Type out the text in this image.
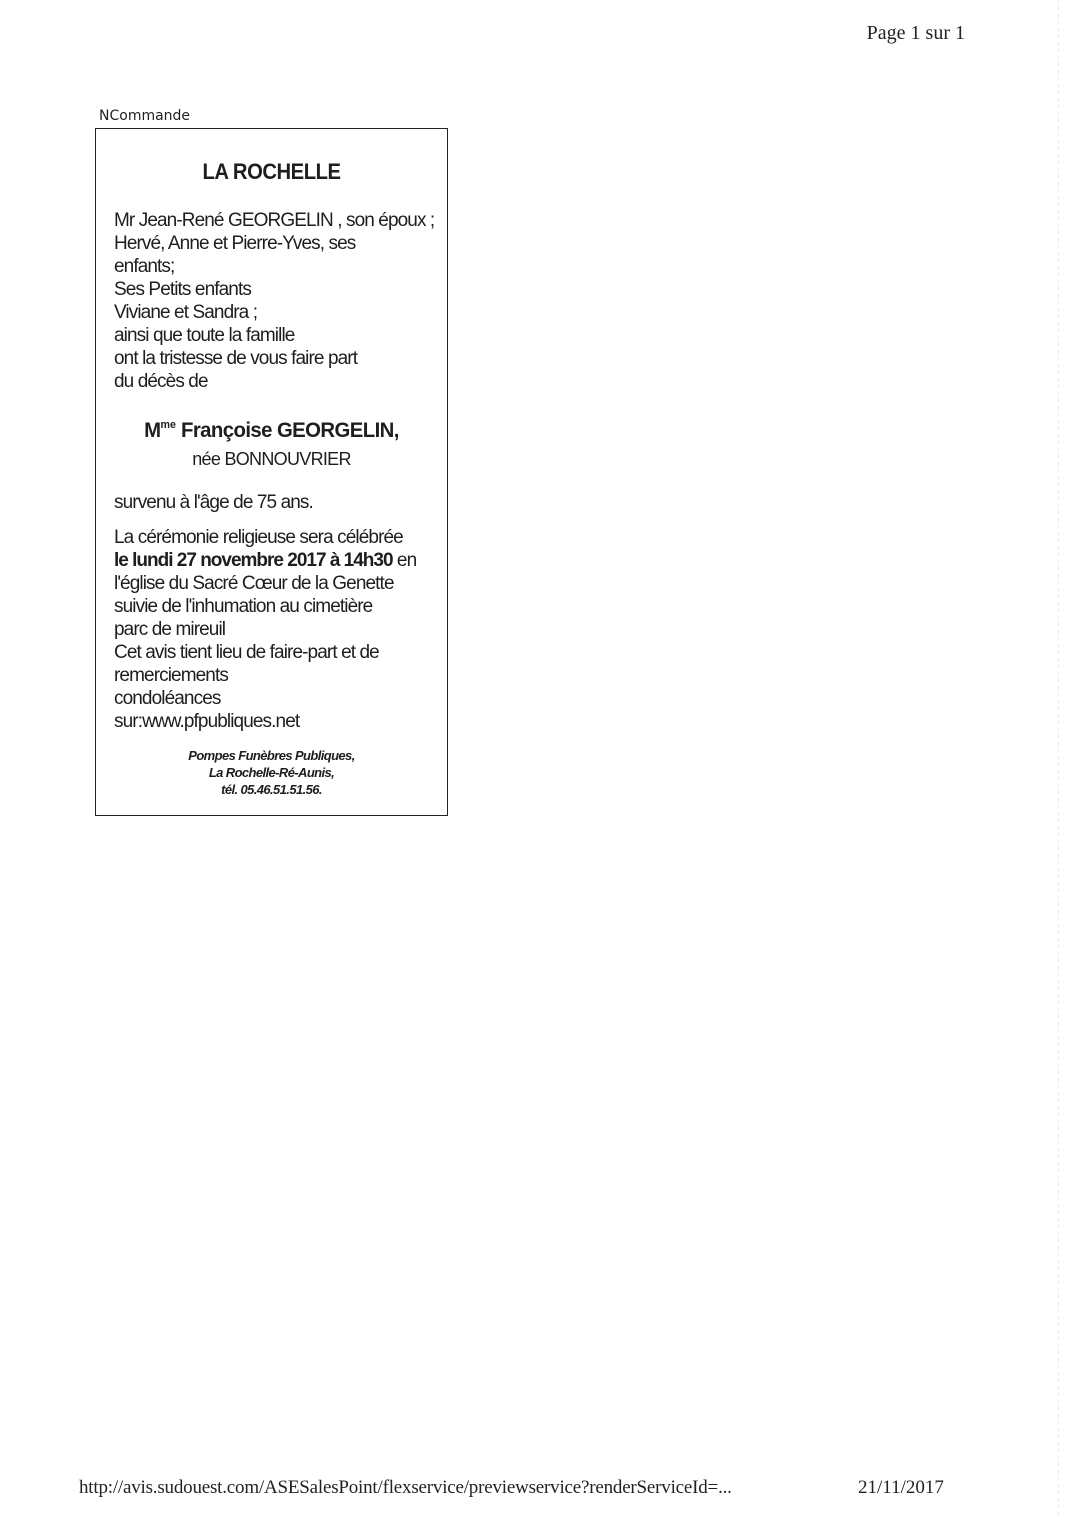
Page 1 sur 1
NCommande
LA ROCHELLE
Mr Jean-René GEORGELIN , son époux ;
Hervé, Anne et Pierre-Yves, ses
enfants;
Ses Petits enfants
Viviane et Sandra ;
ainsi que toute la famille
ont la tristesse de vous faire part
du décès de
$M^{me}$ Françoise GEORGELIN,
née BONNOUVRIER
survenu à l'âge de 75 ans.
La cérémonie religieuse sera célébrée
le lundi 27 novembre 2017 à 14h30 en
l'église du Sacré Cœur de la Genette
suivie de l'inhumation au cimetière
parc de mireuil
Cet avis tient lieu de faire-part et de
remerciements
condoléances
sur:www.pfpubliques.net
Pompes Funèbres Publiques,
La Rochelle-Ré-Aunis,
tél. 05.46.51.51.56.
http://avis.sudouest.com/ASESalesPoint/flexservice/previewservice?renderServiceId=...	21/11/2017
